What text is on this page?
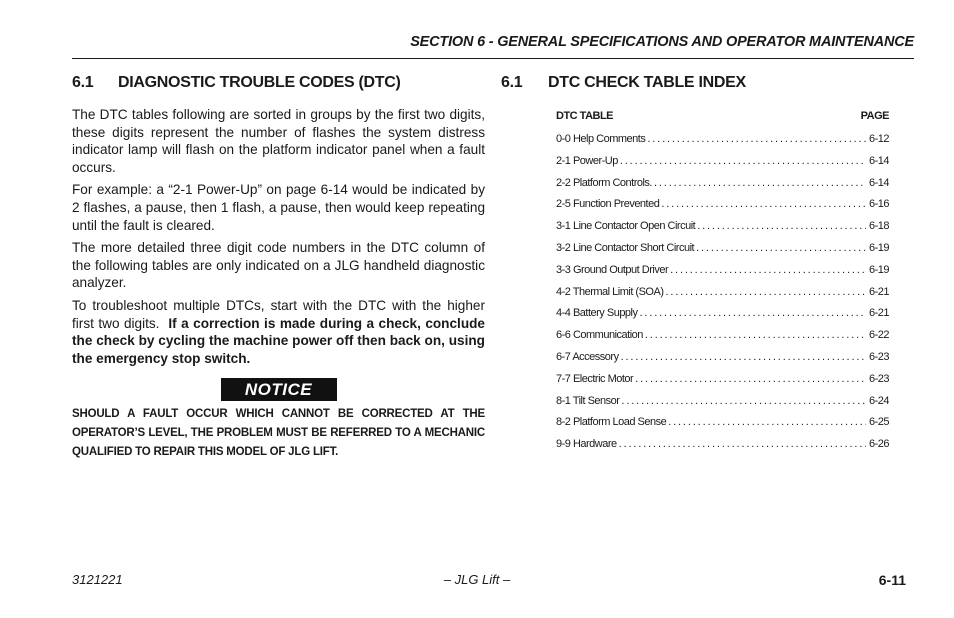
SECTION 6 - GENERAL SPECIFICATIONS AND OPERATOR MAINTENANCE
6.1 DIAGNOSTIC TROUBLE CODES (DTC)

The DTC tables following are sorted in groups by the first two digits, these digits represent the number of flashes the system distress indicator lamp will flash on the platform indicator panel when a fault occurs.

For example: a “2-1 Power-Up” on page 6-14 would be indicated by 2 flashes, a pause, then 1 flash, a pause, then would keep repeating until the fault is cleared.

The more detailed three digit code numbers in the DTC column of the following tables are only indicated on a JLG handheld diagnostic analyzer.

To troubleshoot multiple DTCs, start with the DTC with the higher first two digits. If a correction is made during a check, conclude the check by cycling the machine power off then back on, using the emergency stop switch.

NOTICE
SHOULD A FAULT OCCUR WHICH CANNOT BE CORRECTED AT THE OPERATOR’S LEVEL, THE PROBLEM MUST BE REFERRED TO A MECHANIC QUALIFIED TO REPAIR THIS MODEL OF JLG LIFT.
6.1 DTC CHECK TABLE INDEX
DTC TABLE	PAGE
0-0 Help Comments . . .	6-12
2-1 Power-Up . . .	6-14
2-2 Platform Controls. . . .	6-14
2-5 Function Prevented . . .	6-16
3-1 Line Contactor Open Circuit . . .	6-18
3-2 Line Contactor Short Circuit . . .	6-19
3-3 Ground Output Driver . . .	6-19
4-2 Thermal Limit (SOA) . . .	6-21
4-4 Battery Supply . . .	6-21
6-6 Communication . . .	6-22
6-7 Accessory . . .	6-23
7-7 Electric Motor . . .	6-23
8-1 Tilt Sensor . . .	6-24
8-2 Platform Load Sense . . .	6-25
9-9 Hardware . . .	6-26
3121221	– JLG Lift –	6-11
